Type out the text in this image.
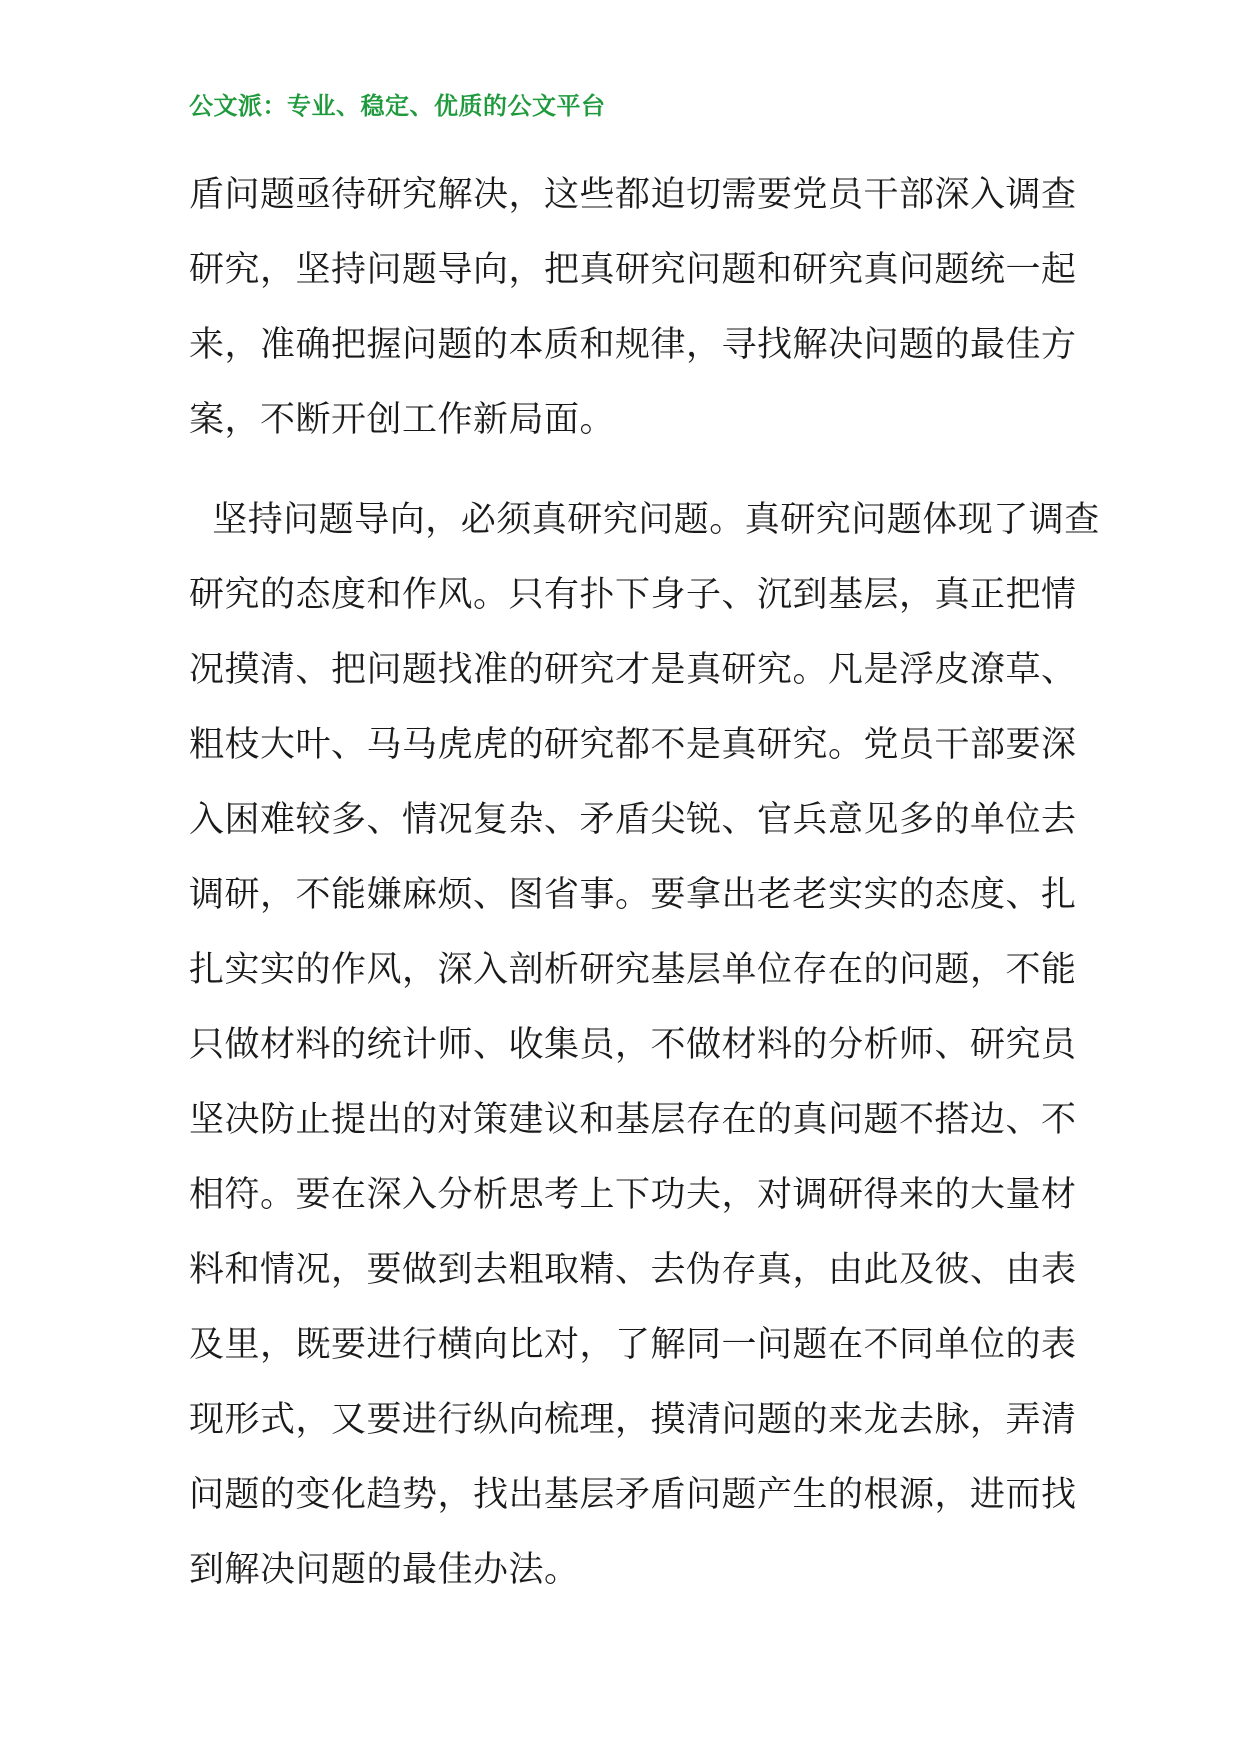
公文派：专业、稳定、优质的公文平台
盾问题亟待研究解决，这些都迫切需要党员干部深入调查
研究，坚持问题导向，把真研究问题和研究真问题统一起
来，准确把握问题的本质和规律，寻找解决问题的最佳方
案，不断开创工作新局面。
坚持问题导向，必须真研究问题。真研究问题体现了调查
研究的态度和作风。只有扑下身子、沉到基层，真正把情
况摸清、把问题找准的研究才是真研究。凡是浮皮潦草、
粗枝大叶、马马虎虎的研究都不是真研究。党员干部要深
入困难较多、情况复杂、矛盾尖锐、官兵意见多的单位去
调研，不能嫌麻烦、图省事。要拿出老老实实的态度、扎
扎实实的作风，深入剖析研究基层单位存在的问题，不能
只做材料的统计师、收集员，不做材料的分析师、研究员
坚决防止提出的对策建议和基层存在的真问题不搭边、不
相符。要在深入分析思考上下功夫，对调研得来的大量材
料和情况，要做到去粗取精、去伪存真，由此及彼、由表
及里，既要进行横向比对，了解同一问题在不同单位的表
现形式，又要进行纵向梳理，摸清问题的来龙去脉，弄清
问题的变化趋势，找出基层矛盾问题产生的根源，进而找
到解决问题的最佳办法。
